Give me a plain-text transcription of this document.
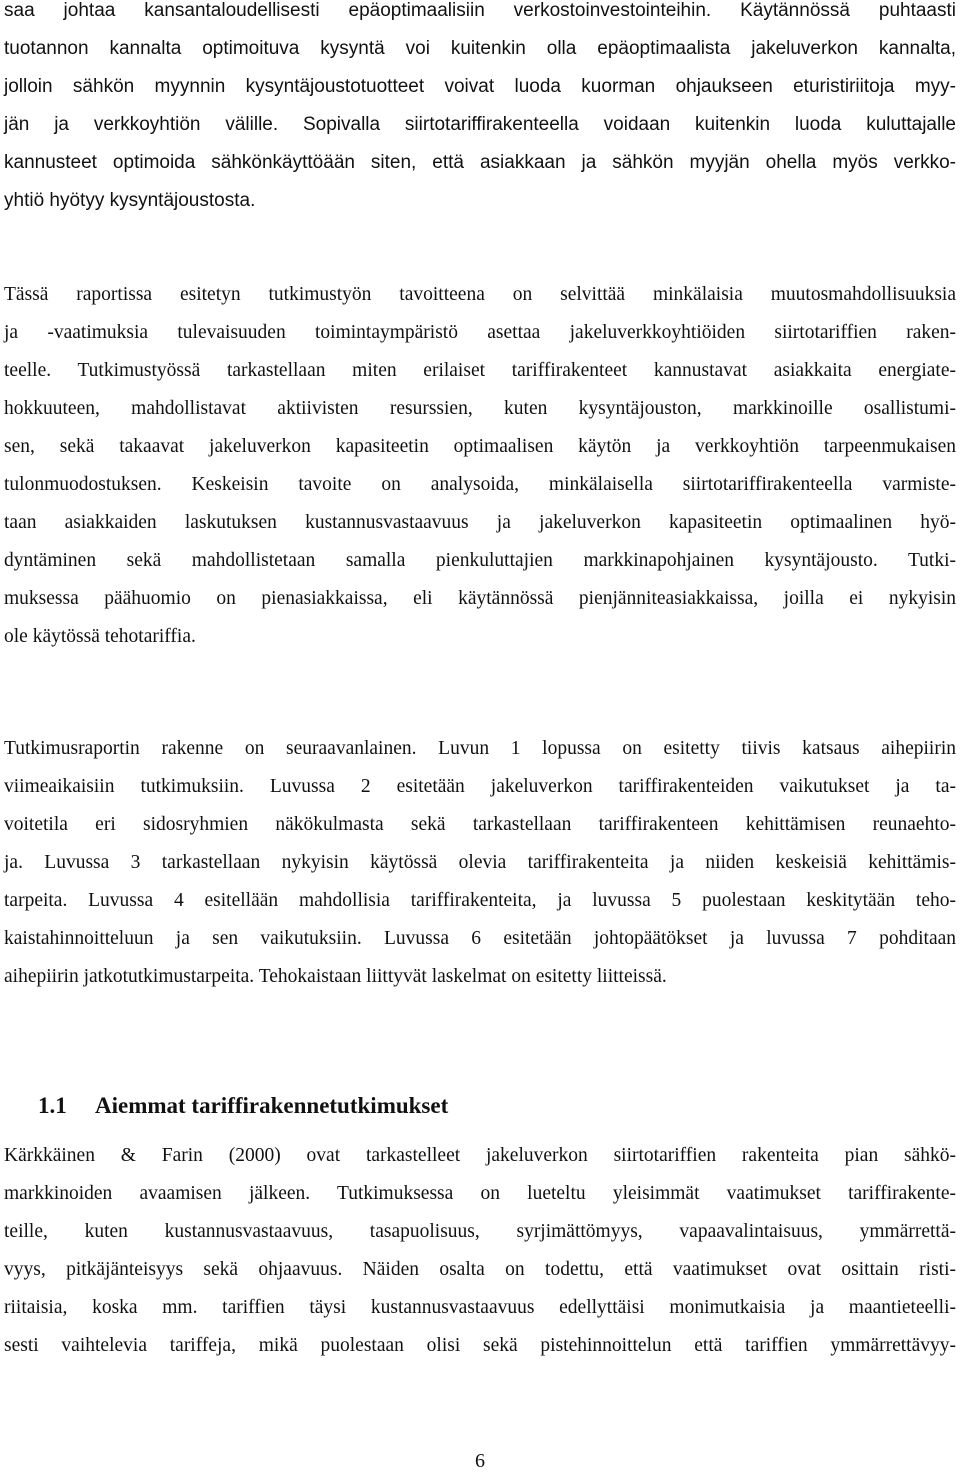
saa johtaa kansantaloudellisesti epäoptimaalisiin verkostoinvestointeihin. Käytännössä puhtaasti
tuotannon kannalta optimoituva kysyntä voi kuitenkin olla epäoptimaalista jakeluverkon kannalta,
jolloin sähkön myynnin kysyntäjoustotuotteet voivat luoda kuorman ohjaukseen eturistiriitoja myy-
jän ja verkkoyhtiön välille. Sopivalla siirtotariffirakenteella voidaan kuitenkin luoda kuluttajalle
kannusteet optimoida sähkönkäyttöään siten, että asiakkaan ja sähkön myyjän ohella myös verkko-
yhtiö hyötyy kysyntäjoustosta.
Tässä raportissa esitetyn tutkimustyön tavoitteena on selvittää minkälaisia muutosmahdollisuuksia
ja -vaatimuksia tulevaisuuden toimintaympäristö asettaa jakeluverkkoyhtiöiden siirtotariffien raken-
teelle. Tutkimustyössä tarkastellaan miten erilaiset tariffirakenteet kannustavat asiakkaita energiate-
hokkuuteen, mahdollistavat aktiivisten resurssien, kuten kysyntäjouston, markkinoille osallistumi-
sen, sekä takaavat jakeluverkon kapasiteetin optimaalisen käytön ja verkkoyhtiön tarpeenmukaisen
tulonmuodostuksen. Keskeisin tavoite on analysoida, minkälaisella siirtotariffirakenteella varmiste-
taan asiakkaiden laskutuksen kustannusvastaavuus ja jakeluverkon kapasiteetin optimaalinen hyö-
dyntäminen sekä mahdollistetaan samalla pienkuluttajien markkinapohjainen kysyntäjousto. Tutki-
muksessa päähuomio on pienasiakkaissa, eli käytännössä pienjänniteasiakkaissa, joilla ei nykyisin
ole käytössä tehotariffia.
Tutkimusraportin rakenne on seuraavanlainen. Luvun 1 lopussa on esitetty tiivis katsaus aihepiirin
viimeaikaisiin tutkimuksiin. Luvussa 2 esitetään jakeluverkon tariffirakenteiden vaikutukset ja ta-
voitetila eri sidosryhmien näkökulmasta sekä tarkastellaan tariffirakenteen kehittämisen reunaehto-
ja. Luvussa 3 tarkastellaan nykyisin käytössä olevia tariffirakenteita ja niiden keskeisiä kehittämis-
tarpeita. Luvussa 4 esitellään mahdollisia tariffirakenteita, ja luvussa 5 puolestaan keskitytään teho-
kaistahinnoitteluun ja sen vaikutuksiin. Luvussa 6 esitetään johtopäätökset ja luvussa 7 pohditaan
aihepiirin jatkotutkimustarpeita. Tehokaistaan liittyvät laskelmat on esitetty liitteissä.
1.1 Aiemmat tariffirakennetutkimukset
Kärkkäinen & Farin (2000) ovat tarkastelleet jakeluverkon siirtotariffien rakenteita pian sähkö-
markkinoiden avaamisen jälkeen. Tutkimuksessa on lueteltu yleisimmät vaatimukset tariffirakente-
teille, kuten kustannusvastaavuus, tasapuolisuus, syrjimättömyys, vapaavalintaisuus, ymmärrettä-
vyys, pitkäjänteisyys sekä ohjaavuus. Näiden osalta on todettu, että vaatimukset ovat osittain risti-
riitaisia, koska mm. tariffien täysi kustannusvastaavuus edellyttäisi monimutkaisia ja maantieteelli-
sesti vaihtelevia tariffeja, mikä puolestaan olisi sekä pistehinnoittelun että tariffien ymmärrettävyy-
6
